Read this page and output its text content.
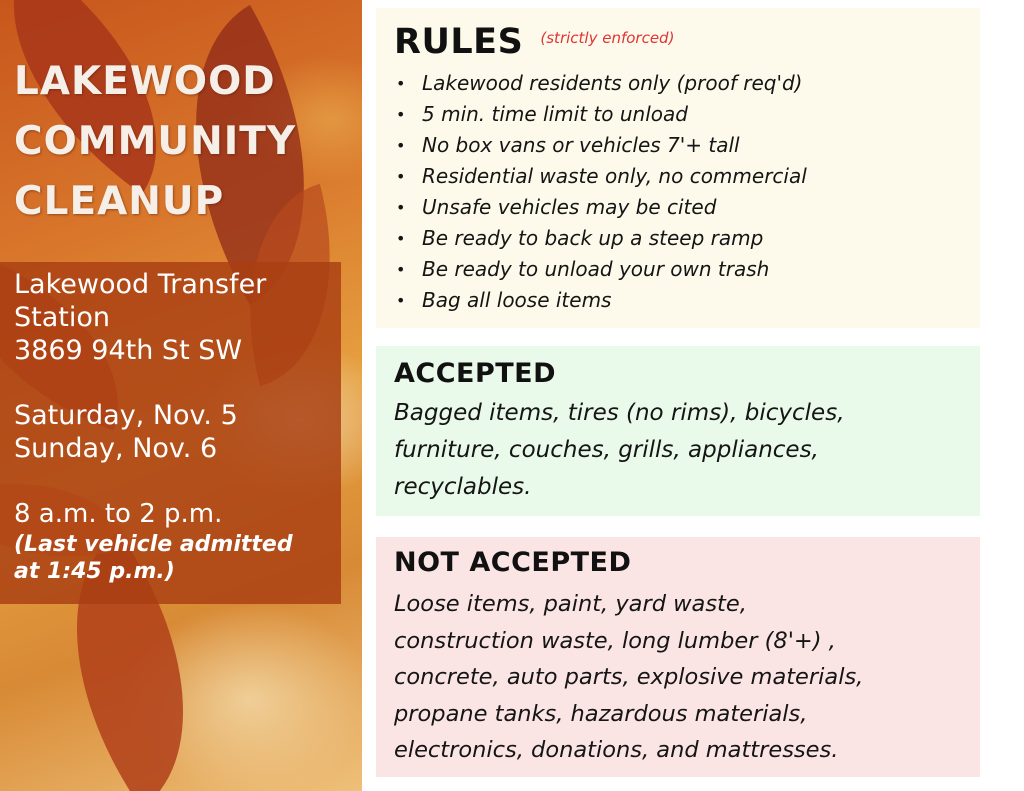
LAKEWOOD
COMMUNITY
CLEANUP
Lakewood Transfer
Station
3869 94th St SW
Saturday, Nov. 5
Sunday, Nov. 6
8 a.m. to 2 p.m.
(Last vehicle admitted
at 1:45 p.m.)
RULES (strictly enforced)
• Lakewood residents only (proof req'd)
• 5 min. time limit to unload
• No box vans or vehicles 7'+ tall
• Residential waste only, no commercial
• Unsafe vehicles may be cited
• Be ready to back up a steep ramp
• Be ready to unload your own trash
• Bag all loose items
ACCEPTED
Bagged items, tires (no rims), bicycles,
furniture, couches, grills, appliances,
recyclables.
NOT ACCEPTED
Loose items, paint, yard waste,
construction waste, long lumber (8'+) ,
concrete, auto parts, explosive materials,
propane tanks, hazardous materials,
electronics, donations, and mattresses.
